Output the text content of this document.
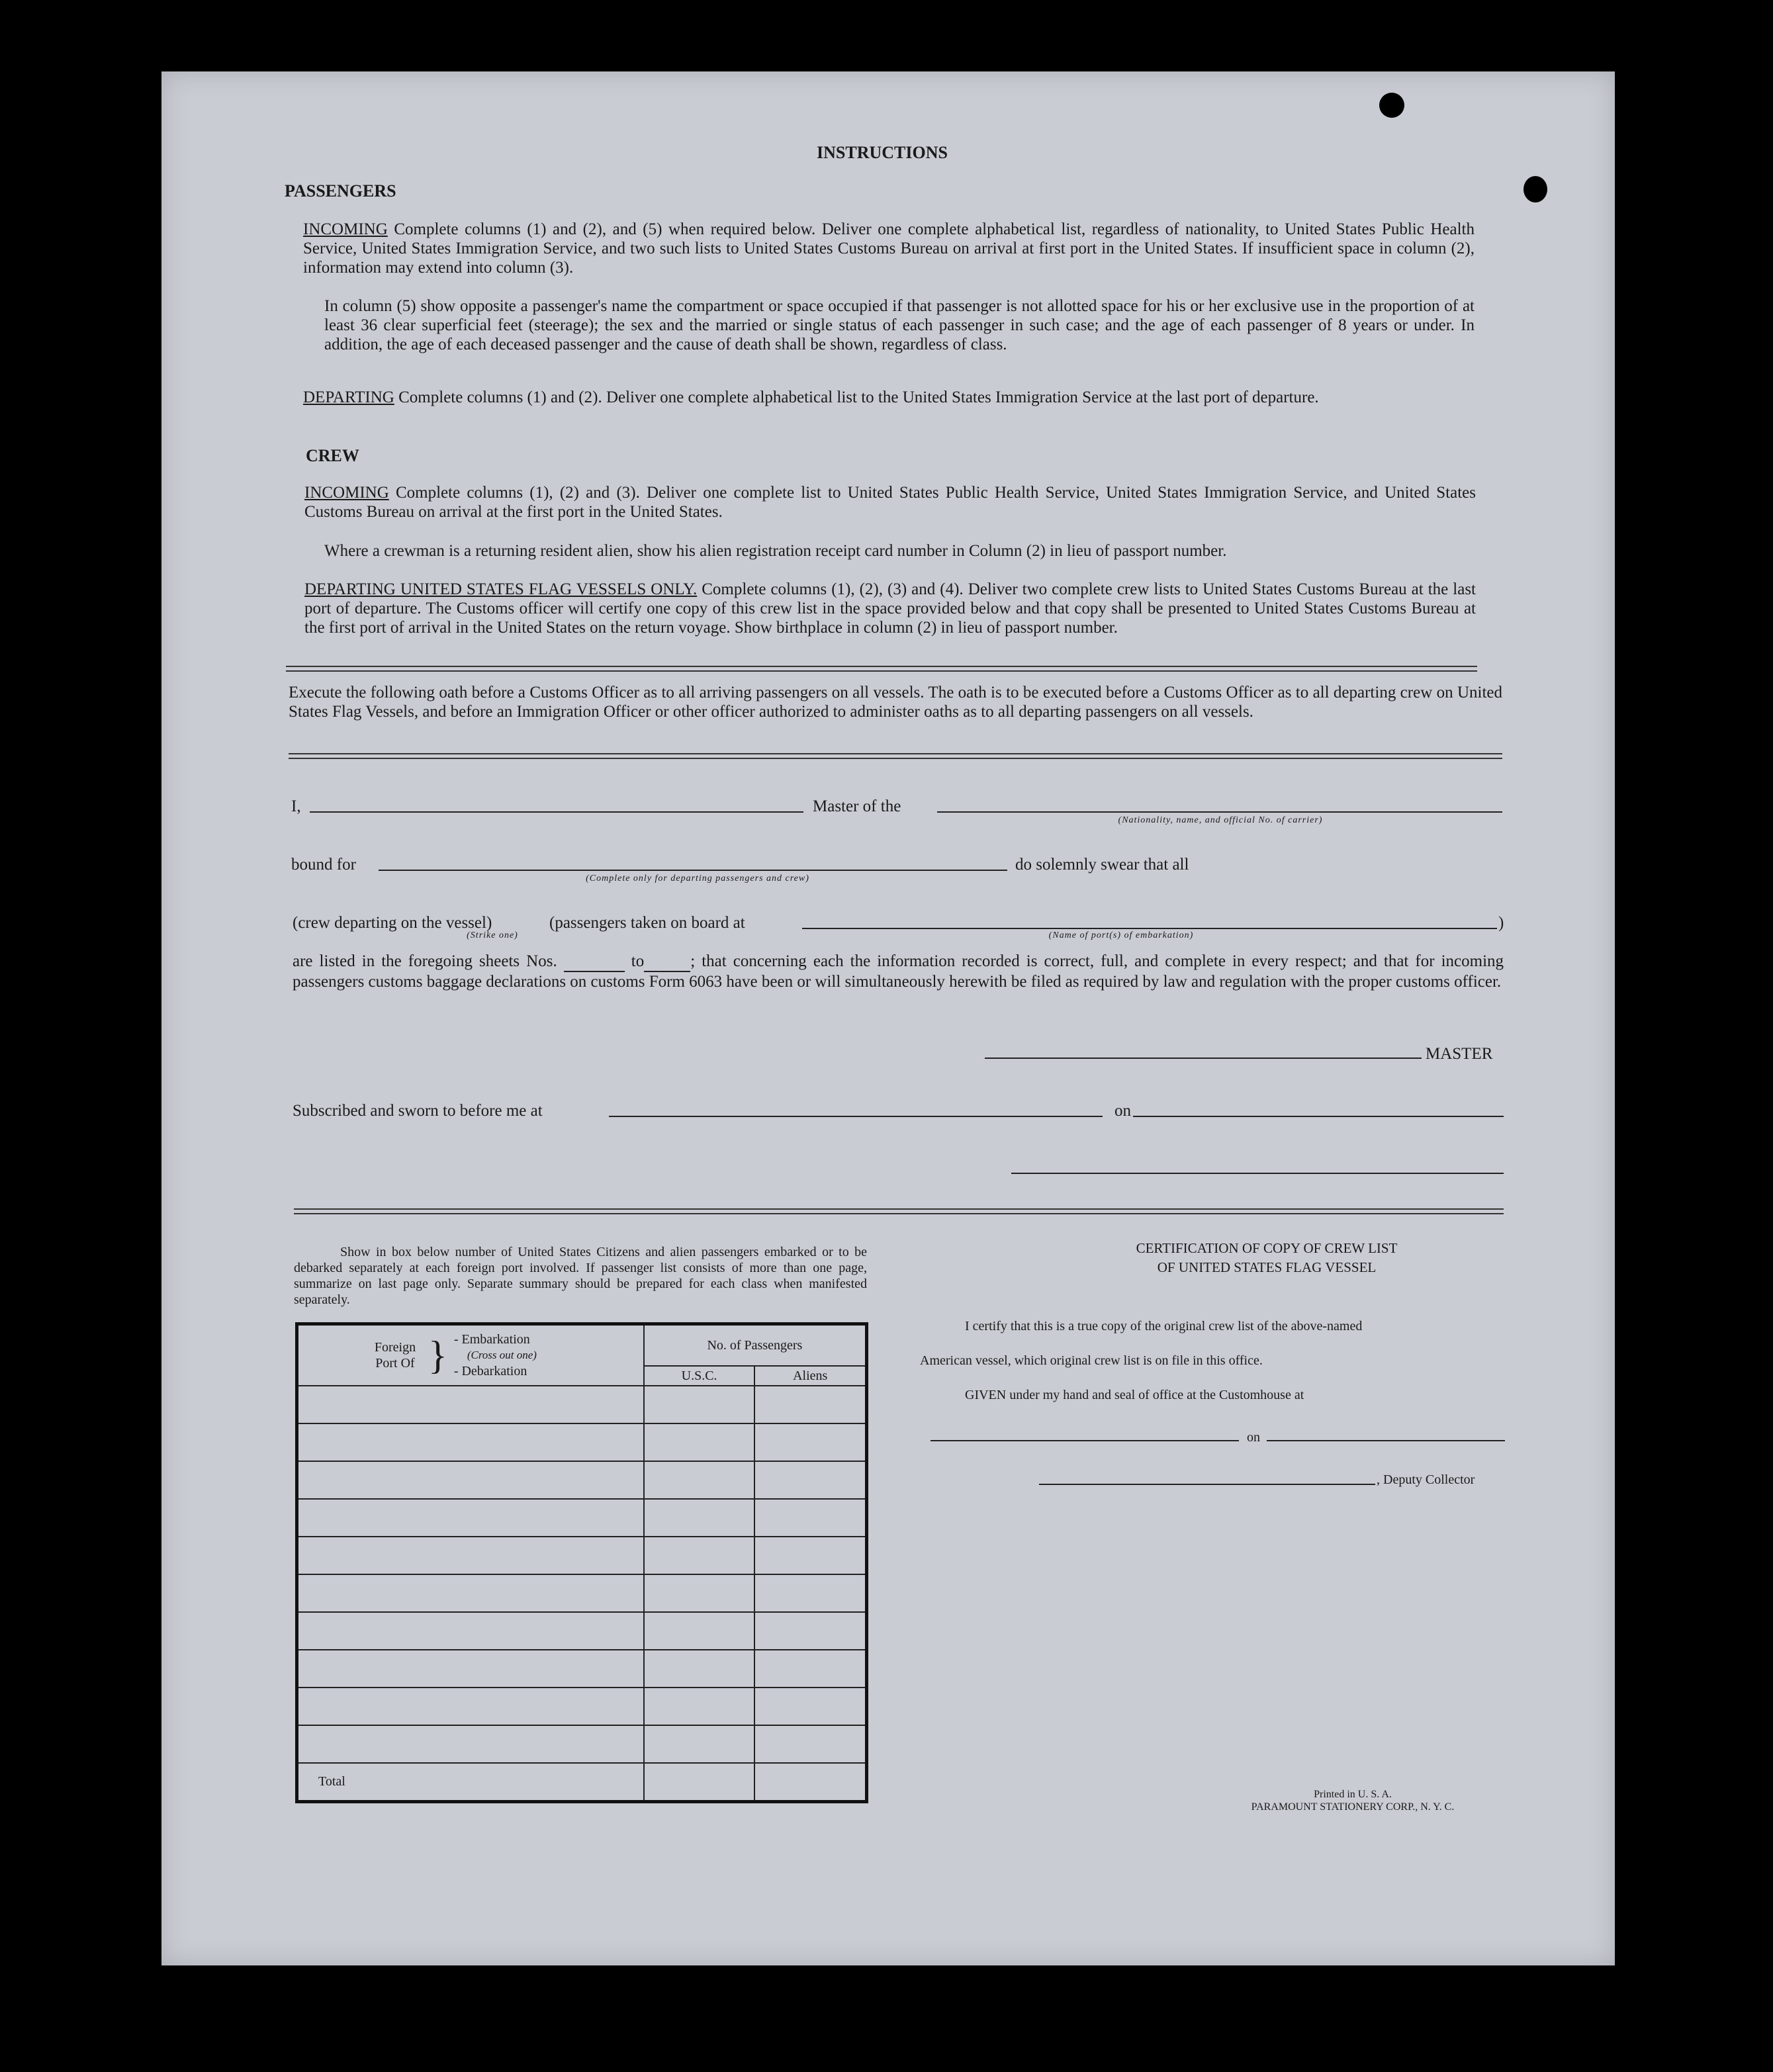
INSTRUCTIONS
PASSENGERS
INCOMING Complete columns (1) and (2), and (5) when required below. Deliver one complete alphabetical list, regardless of nationality, to United States Public Health Service, United States Immigration Service, and two such lists to United States Customs Bureau on arrival at first port in the United States. If insufficient space in column (2), information may extend into column (3).
In column (5) show opposite a passenger's name the compartment or space occupied if that passenger is not allotted space for his or her exclusive use in the proportion of at least 36 clear superficial feet (steerage); the sex and the married or single status of each passenger in such case; and the age of each passenger of 8 years or under. In addition, the age of each deceased passenger and the cause of death shall be shown, regardless of class.
DEPARTING Complete columns (1) and (2). Deliver one complete alphabetical list to the United States Immigration Service at the last port of departure.
CREW
INCOMING Complete columns (1), (2) and (3). Deliver one complete list to United States Public Health Service, United States Immigration Service, and United States Customs Bureau on arrival at the first port in the United States.
Where a crewman is a returning resident alien, show his alien registration receipt card number in Column (2) in lieu of passport number.
DEPARTING UNITED STATES FLAG VESSELS ONLY. Complete columns (1), (2), (3) and (4). Deliver two complete crew lists to United States Customs Bureau at the last port of departure. The Customs officer will certify one copy of this crew list in the space provided below and that copy shall be presented to United States Customs Bureau at the first port of arrival in the United States on the return voyage. Show birthplace in column (2) in lieu of passport number.
Execute the following oath before a Customs Officer as to all arriving passengers on all vessels. The oath is to be executed before a Customs Officer as to all departing crew on United States Flag Vessels, and before an Immigration Officer or other officer authorized to administer oaths as to all departing passengers on all vessels.
I,	Master of the
(Nationality, name, and official No. of carrier)
bound for
(Complete only for departing passengers and crew)
do solemnly swear that all
(crew departing on the vessel)	(passengers taken on board at	)
(Strike one)	(Name of port(s) of embarkation)
are listed in the foregoing sheets Nos.	to	; that concerning each the information recorded is correct, full, and complete in every respect; and that for incoming passengers customs baggage declarations on customs Form 6063 have been or will simultaneously herewith be filed as required by law and regulation with the proper customs officer.
MASTER
Subscribed and sworn to before me at	on
Show in box below number of United States Citizens and alien passengers embarked or to be debarked separately at each foreign port involved. If passenger list consists of more than one page, summarize on last page only. Separate summary should be prepared for each class when manifested separately.
Foreign Port Of } - Embarkation
(Cross out one)
- Debarkation	No. of Passengers	
	U.S.C.	Aliens

Total		
CERTIFICATION OF COPY OF CREW LIST
OF UNITED STATES FLAG VESSEL
I certify that this is a true copy of the original crew list of the above-named
American vessel, which original crew list is on file in this office.
GIVEN under my hand and seal of office at the Customhouse at
on
, Deputy Collector
Printed in U. S. A.
PARAMOUNT STATIONERY CORP., N. Y. C.
